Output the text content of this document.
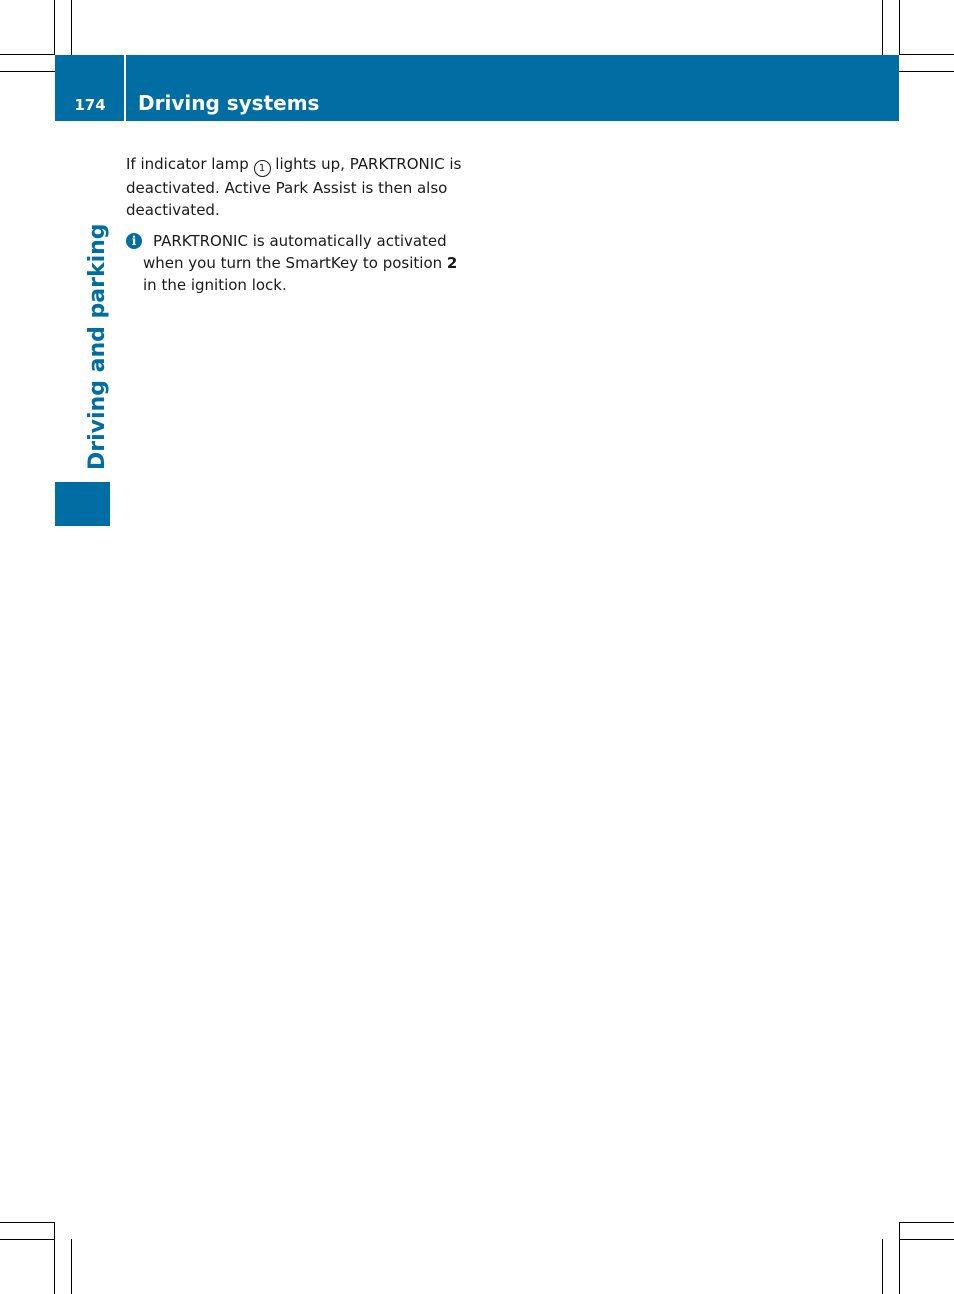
174	Driving systems
Driving and parking

If indicator lamp 1 lights up, PARKTRONIC is deactivated. Active Park Assist is then also deactivated.

i	PARKTRONIC is automatically activated when you turn the SmartKey to position 2 in the ignition lock.
